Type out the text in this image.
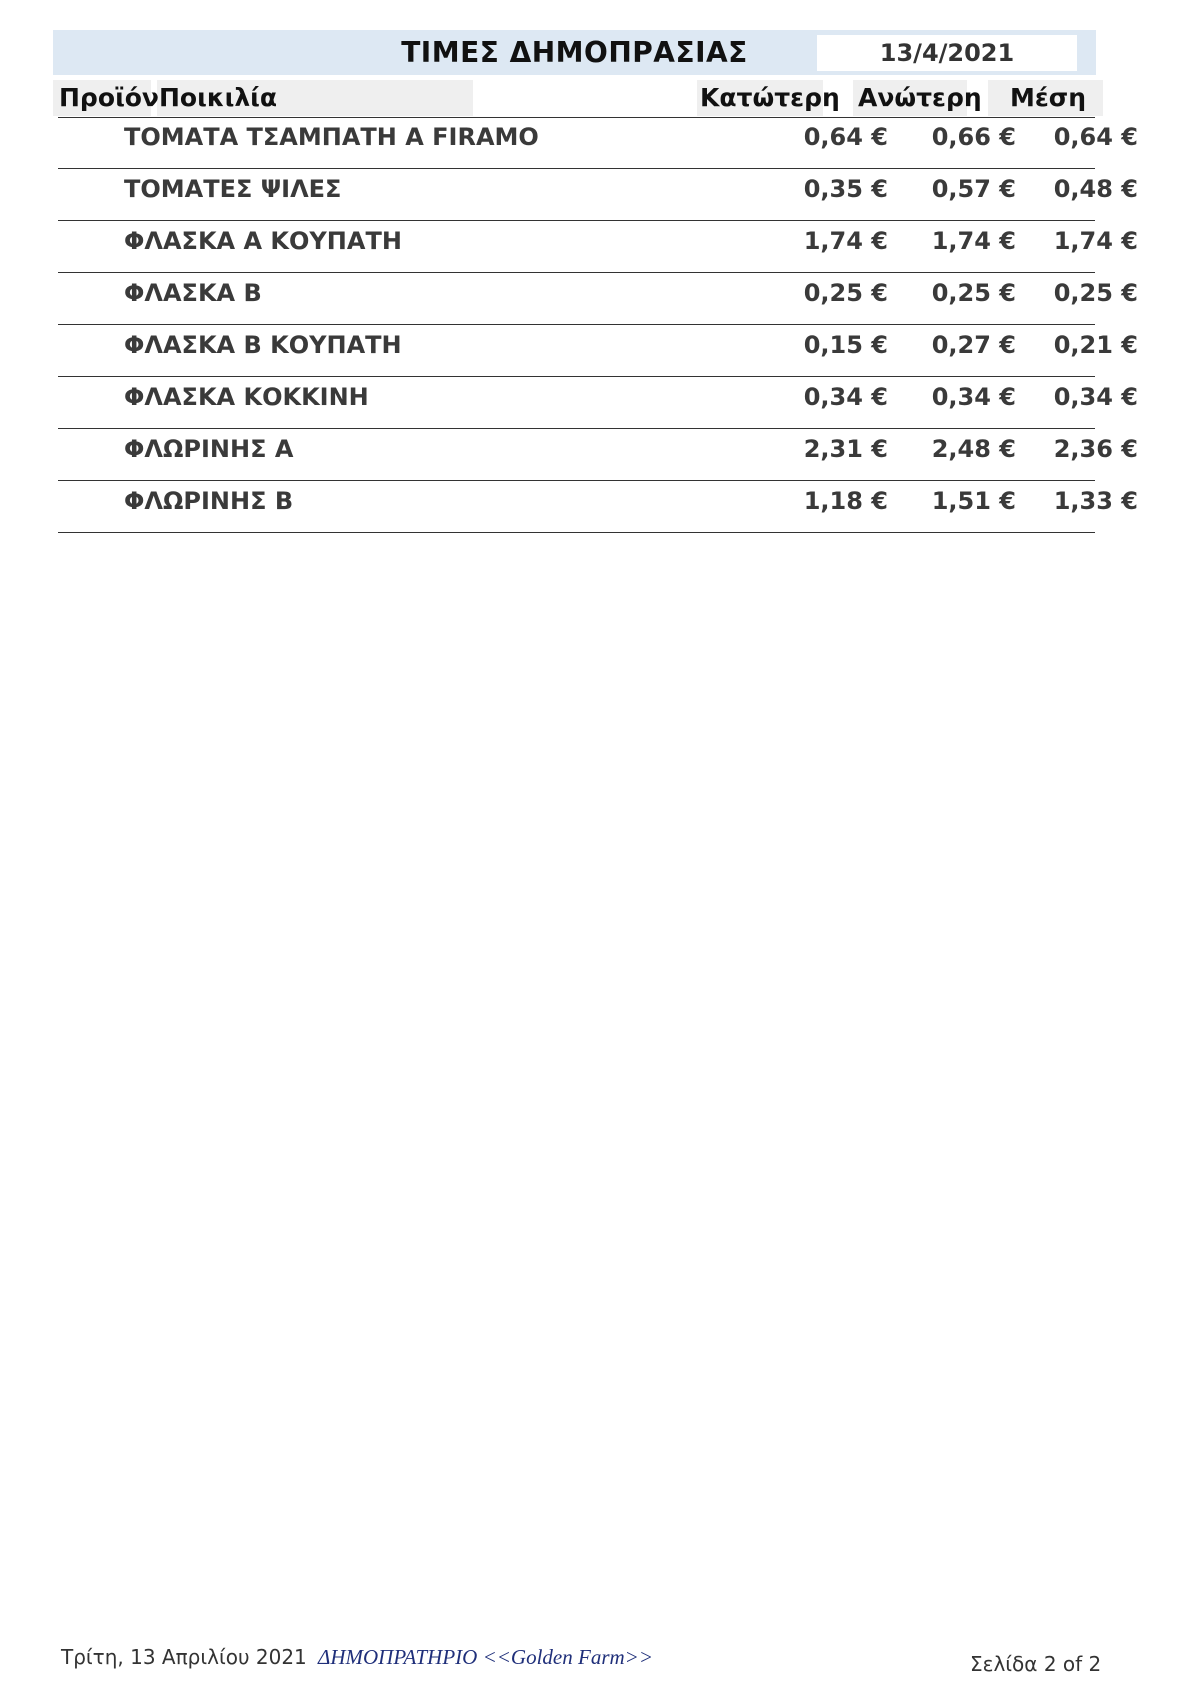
ΤΙΜΕΣ ΔΗΜΟΠΡΑΣΙΑΣ	13/4/2021
Προϊόν Ποικιλία	Κατώτερη Ανώτερη Μέση
ΤΟΜΑΤΑ ΤΣΑΜΠΑΤΗ Α FIRAMO	0,64 €	0,66 €	0,64 €
ΤΟΜΑΤΕΣ ΨΙΛΕΣ	0,35 €	0,57 €	0,48 €
ΦΛΑΣΚΑ Α ΚΟΥΠΑΤΗ	1,74 €	1,74 €	1,74 €
ΦΛΑΣΚΑ Β	0,25 €	0,25 €	0,25 €
ΦΛΑΣΚΑ Β ΚΟΥΠΑΤΗ	0,15 €	0,27 €	0,21 €
ΦΛΑΣΚΑ ΚΟΚΚΙΝΗ	0,34 €	0,34 €	0,34 €
ΦΛΩΡΙΝΗΣ Α	2,31 €	2,48 €	2,36 €
ΦΛΩΡΙΝΗΣ Β	1,18 €	1,51 €	1,33 €
Τρίτη, 13 Απριλίου 2021 ΔΗΜΟΠΡΑΤΗΡΙΟ <<Golden Farm>>	Σελίδα 2 of 2
